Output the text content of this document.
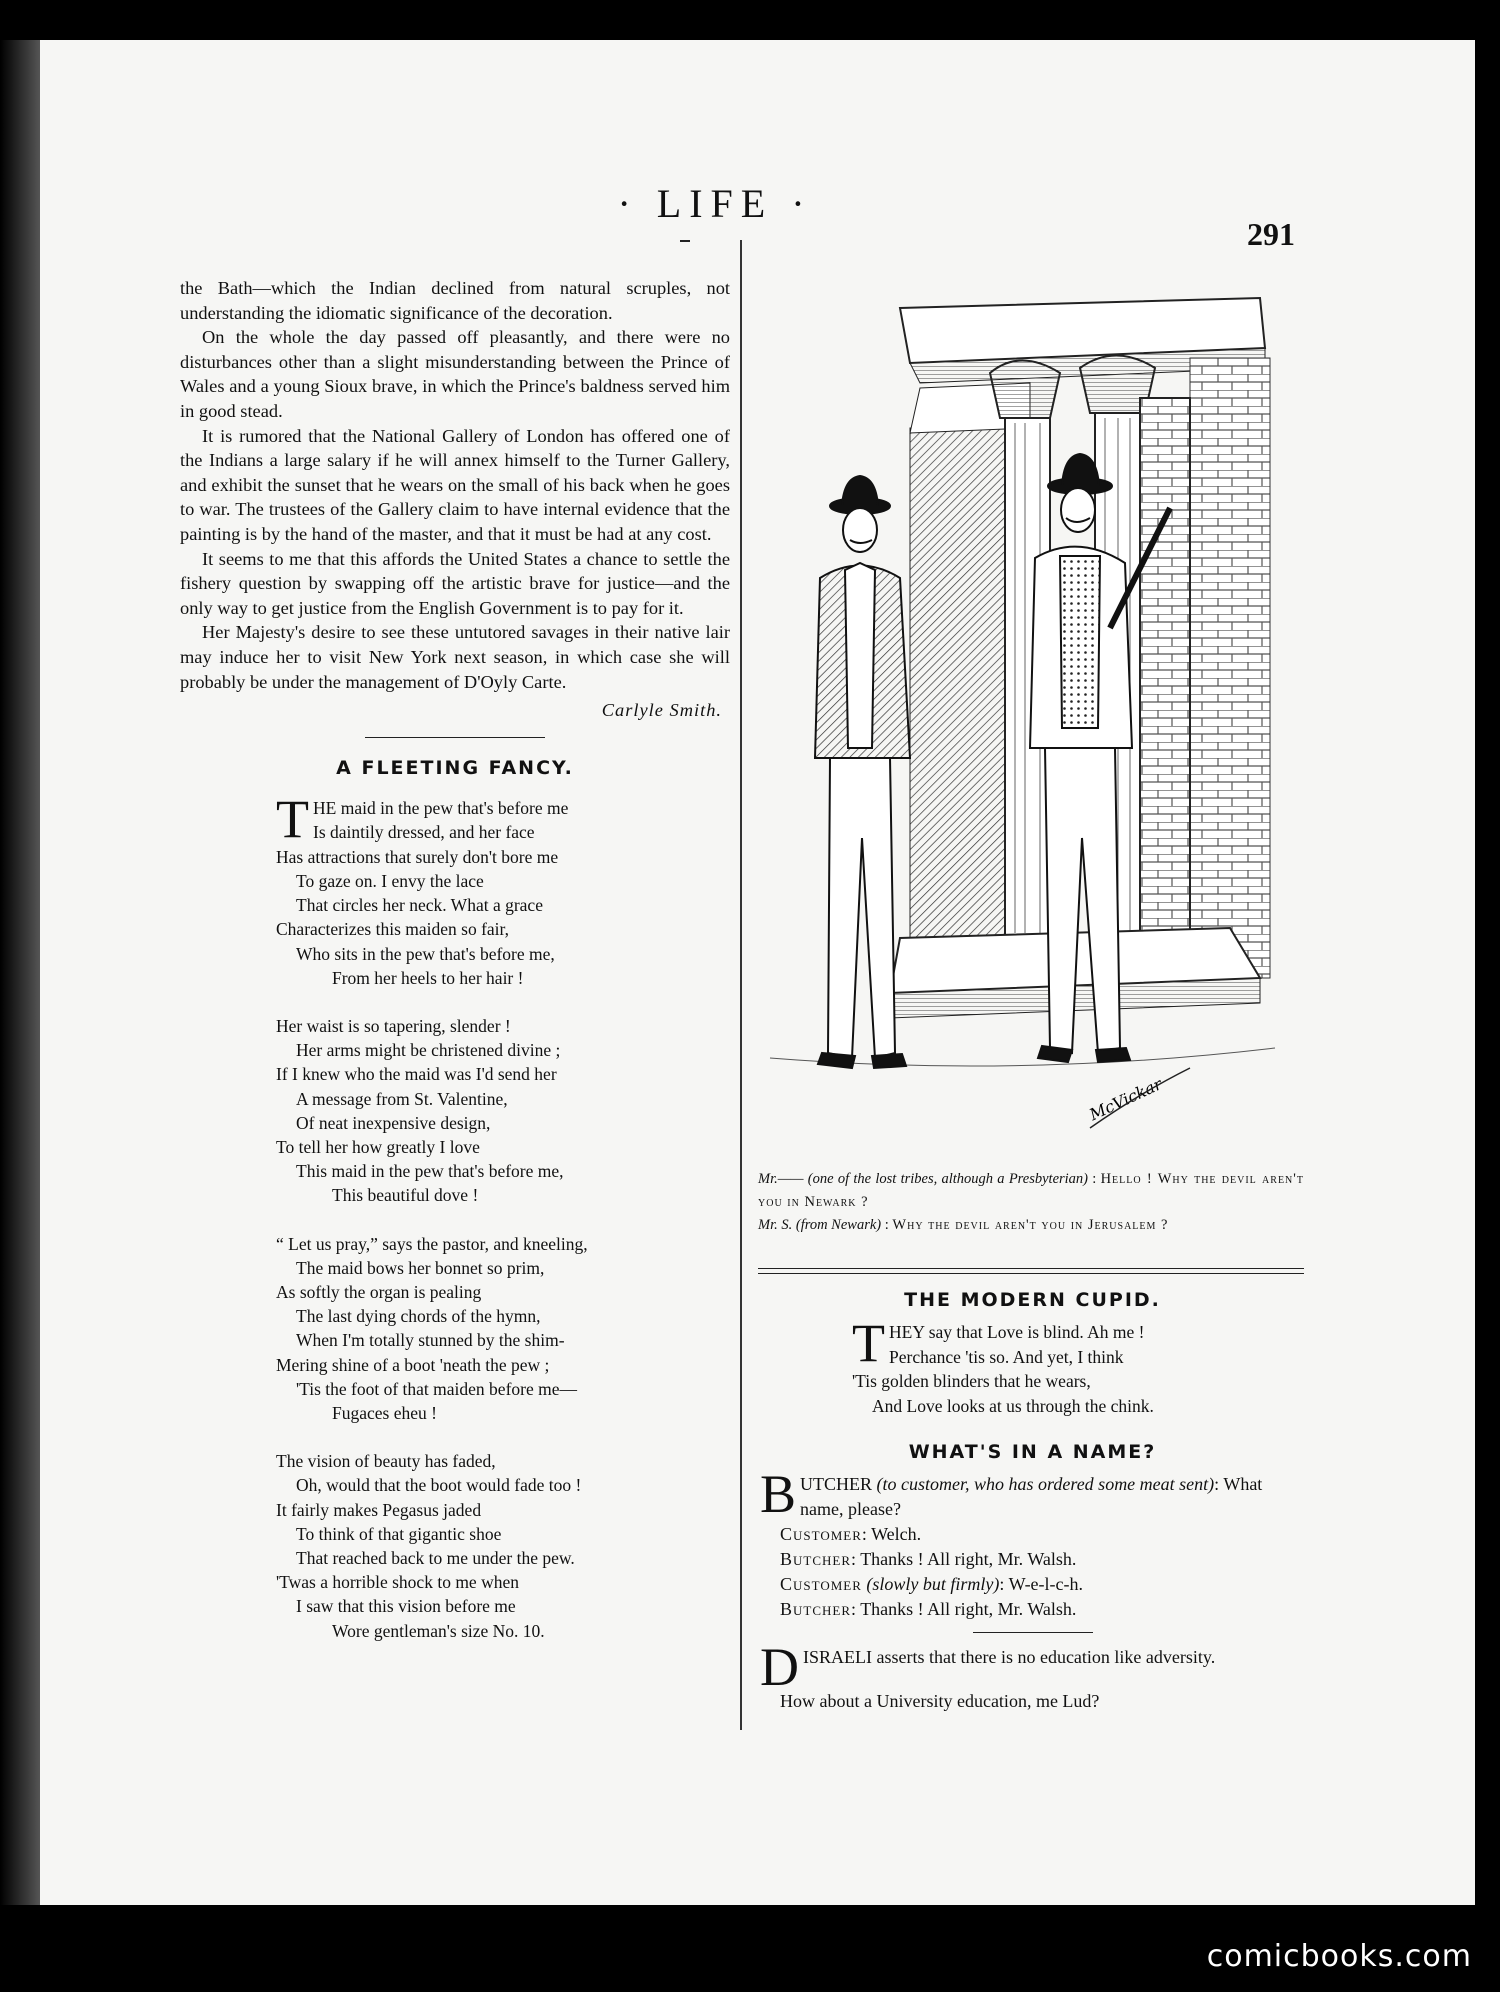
· LIFE ·
291

the Bath—which the Indian declined from natural scruples, not understanding the idiomatic significance of the decoration.

On the whole the day passed off pleasantly, and there were no disturbances other than a slight misunderstanding between the Prince of Wales and a young Sioux brave, in which the Prince's baldness served him in good stead.

It is rumored that the National Gallery of London has offered one of the Indians a large salary if he will annex himself to the Turner Gallery, and exhibit the sunset that he wears on the small of his back when he goes to war. The trustees of the Gallery claim to have internal evidence that the painting is by the hand of the master, and that it must be had at any cost.

It seems to me that this affords the United States a chance to settle the fishery question by swapping off the artistic brave for justice—and the only way to get justice from the English Government is to pay for it.

Her Majesty's desire to see these untutored savages in their native lair may induce her to visit New York next season, in which case she will probably be under the management of D'Oyly Carte.

Carlyle Smith.
A FLEETING FANCY.
T HE maid in the pew that's before me
Is daintily dressed, and her face
Has attractions that surely don't bore me
To gaze on. I envy the lace
That circles her neck. What a grace
Characterizes this maiden so fair,
Who sits in the pew that's before me,
From her heels to her hair !
Her waist is so tapering, slender !
Her arms might be christened divine ;
If I knew who the maid was I'd send her
A message from St. Valentine,
Of neat inexpensive design,
To tell her how greatly I love
This maid in the pew that's before me,
This beautiful dove !
“ Let us pray,” says the pastor, and kneeling,
The maid bows her bonnet so prim,
As softly the organ is pealing
The last dying chords of the hymn,
When I'm totally stunned by the shim-
Mering shine of a boot 'neath the pew ;
'Tis the foot of that maiden before me—
Fugaces eheu !
The vision of beauty has faded,
Oh, would that the boot would fade too !
It fairly makes Pegasus jaded
To think of that gigantic shoe
That reached back to me under the pew.
'Twas a horrible shock to me when
I saw that this vision before me
Wore gentleman's size No. 10.
McVickar
Mr.—— (one of the lost tribes, although a Presbyterian) : Hello ! Why the devil aren't you in Newark ?
Mr. S. (from Newark) : Why the devil aren't you in Jerusalem ?
THE MODERN CUPID.
T HEY say that Love is blind. Ah me !
Perchance 'tis so. And yet, I think
'Tis golden blinders that he wears,
And Love looks at us through the chink.
WHAT'S IN A NAME?
B UTCHER (to customer, who has ordered some meat sent): What name, please?
Customer: Welch.
Butcher: Thanks ! All right, Mr. Walsh.
Customer (slowly but firmly): W-e-l-c-h.
Butcher: Thanks ! All right, Mr. Walsh.
D ISRAELI asserts that there is no education like adversity.
How about a University education, me Lud?
comicbooks.com
